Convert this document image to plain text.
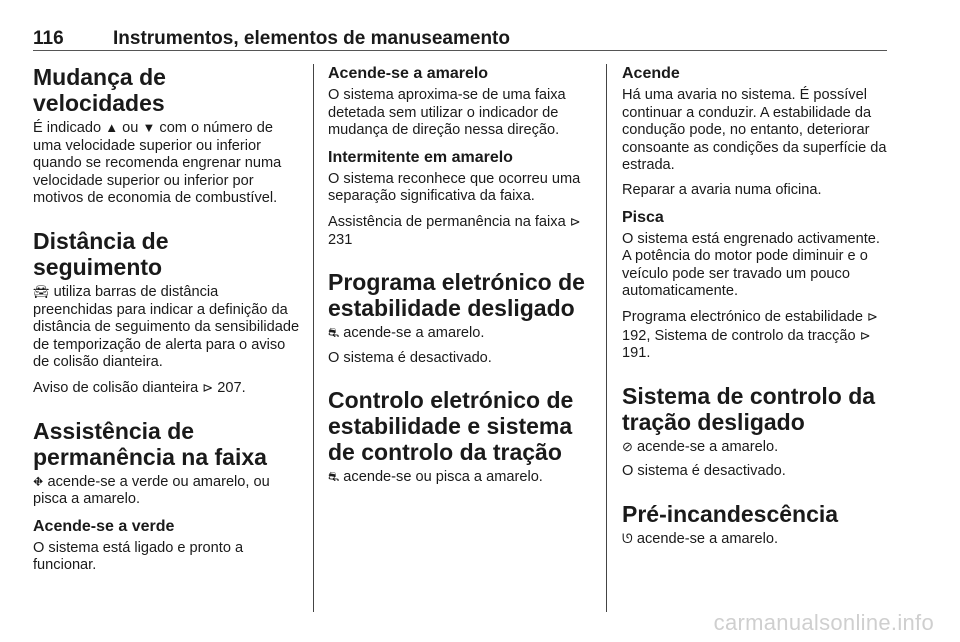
116	Instrumentos, elementos de manuseamento
Mudança de velocidades

É indicado ▲ ou ▼ com o número de uma velocidade superior ou inferior quando se recomenda engrenar numa velocidade superior ou inferior por motivos de economia de combustível.

Distância de seguimento

🚘︎ utiliza barras de distância preenchidas para indicar a definição da distância de seguimento da sensibilidade de temporização de alerta para o aviso de colisão dianteira.

Aviso de colisão dianteira ⊳ 207.

Assistência de permanência na faixa

⛖ acende-se a verde ou amarelo, ou pisca a amarelo.

Acende-se a verde

O sistema está ligado e pronto a funcionar.

Acende-se a amarelo

O sistema aproxima-se de uma faixa detetada sem utilizar o indicador de mudança de direção nessa direção.

Intermitente em amarelo

O sistema reconhece que ocorreu uma separação significativa da faixa.

Assistência de permanência na faixa ⊳ 231

Programa eletrónico de estabilidade desligado

⛐ acende-se a amarelo.

O sistema é desactivado.

Controlo eletrónico de estabilidade e sistema de controlo da tração

⛐ acende-se ou pisca a amarelo.

Acende

Há uma avaria no sistema. É possível continuar a conduzir. A estabilidade da condução pode, no entanto, deteriorar consoante as condições da superfície da estrada.

Reparar a avaria numa oficina.

Pisca

O sistema está engrenado activamente. A potência do motor pode diminuir e o veículo pode ser travado um pouco automaticamente.

Programa electrónico de estabilidade ⊳ 192, Sistema de controlo da tracção ⊳ 191.

Sistema de controlo da tração desligado

⊘ acende-se a amarelo.

O sistema é desactivado.

Pré-incandescência

ᘎ acende-se a amarelo.

carmanualsonline.info
